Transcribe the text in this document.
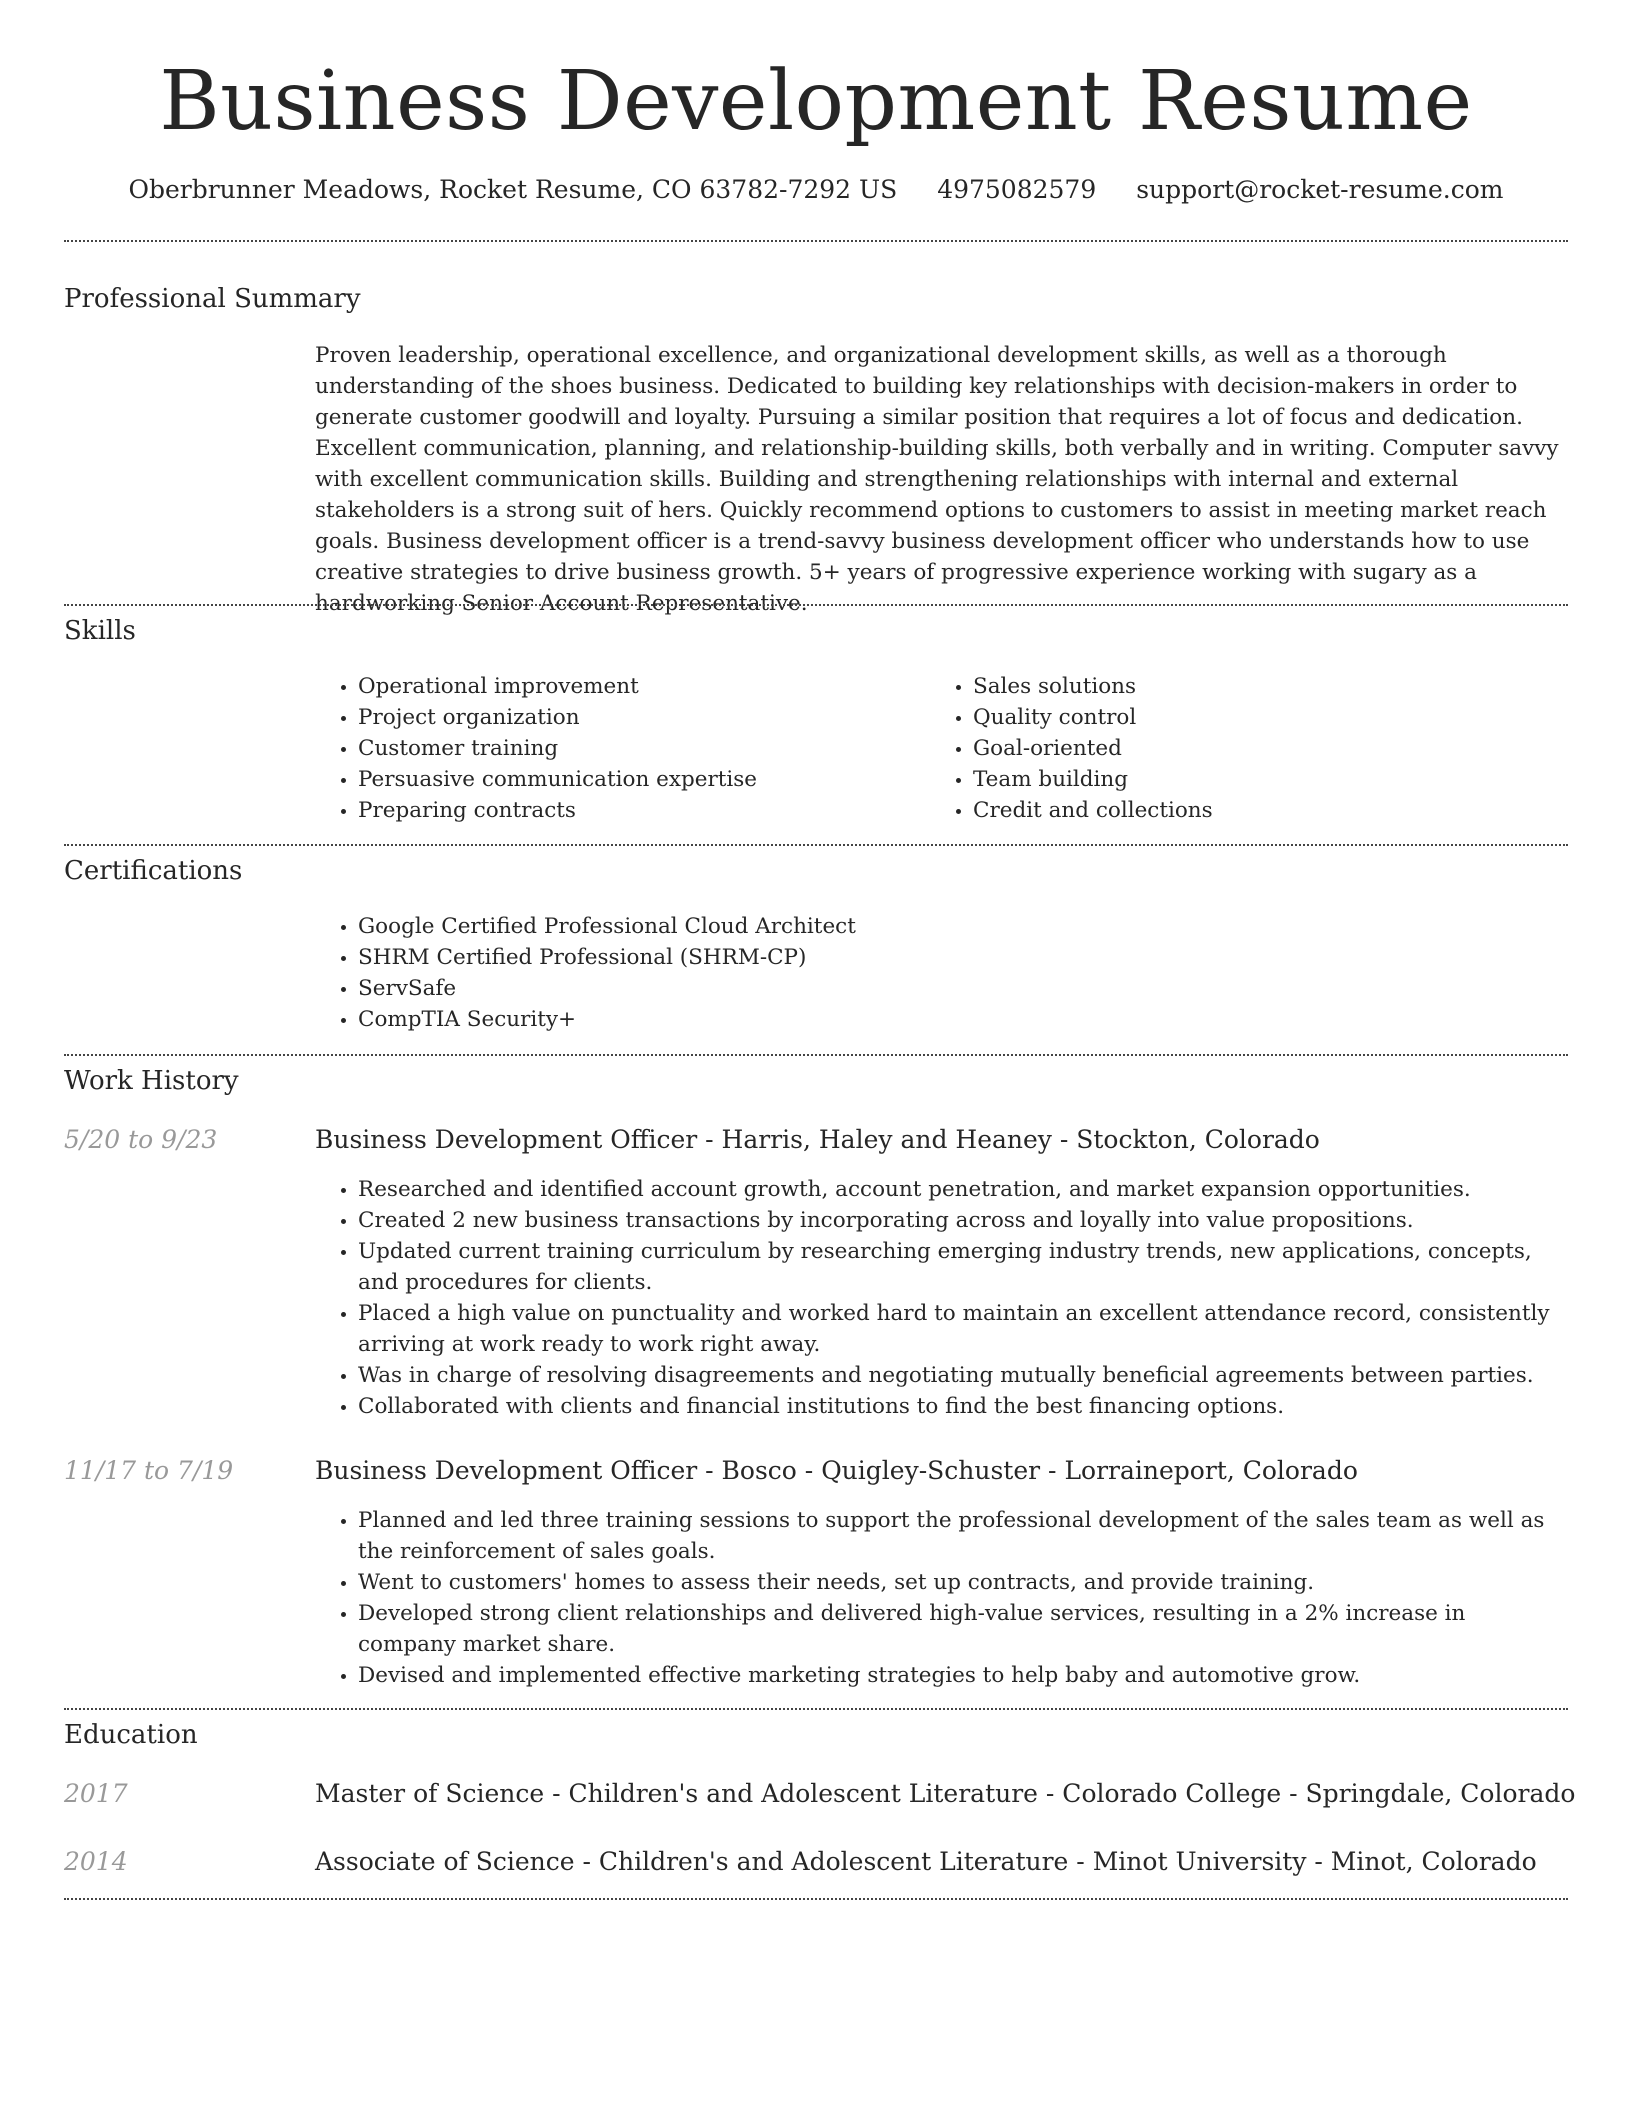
Business Development Resume
Oberbrunner Meadows, Rocket Resume, CO 63782-7292 US 4975082579 support@rocket-resume.com
Professional Summary
Proven leadership, operational excellence, and organizational development skills, as well as a thorough understanding of the shoes business. Dedicated to building key relationships with decision-makers in order to generate customer goodwill and loyalty. Pursuing a similar position that requires a lot of focus and dedication. Excellent communication, planning, and relationship-building skills, both verbally and in writing. Computer savvy with excellent communication skills. Building and strengthening relationships with internal and external stakeholders is a strong suit of hers. Quickly recommend options to customers to assist in meeting market reach goals. Business development officer is a trend-savvy business development officer who understands how to use creative strategies to drive business growth. 5+ years of progressive experience working with sugary as a hardworking Senior Account Representative.
Skills
• Operational improvement
• Project organization
• Customer training
• Persuasive communication expertise
• Preparing contracts
• Sales solutions
• Quality control
• Goal-oriented
• Team building
• Credit and collections
Certifications
• Google Certified Professional Cloud Architect
• SHRM Certified Professional (SHRM-CP)
• ServSafe
• CompTIA Security+
Work History
5/20 to 9/23	Business Development Officer - Harris, Haley and Heaney - Stockton, Colorado
• Researched and identified account growth, account penetration, and market expansion opportunities.
• Created 2 new business transactions by incorporating across and loyally into value propositions.
• Updated current training curriculum by researching emerging industry trends, new applications, concepts, and procedures for clients.
• Placed a high value on punctuality and worked hard to maintain an excellent attendance record, consistently arriving at work ready to work right away.
• Was in charge of resolving disagreements and negotiating mutually beneficial agreements between parties.
• Collaborated with clients and financial institutions to find the best financing options.
11/17 to 7/19	Business Development Officer - Bosco - Quigley-Schuster - Lorraineport, Colorado
• Planned and led three training sessions to support the professional development of the sales team as well as the reinforcement of sales goals.
• Went to customers' homes to assess their needs, set up contracts, and provide training.
• Developed strong client relationships and delivered high-value services, resulting in a 2% increase in company market share.
• Devised and implemented effective marketing strategies to help baby and automotive grow.
Education
2017	Master of Science - Children's and Adolescent Literature - Colorado College - Springdale, Colorado
2014	Associate of Science - Children's and Adolescent Literature - Minot University - Minot, Colorado
